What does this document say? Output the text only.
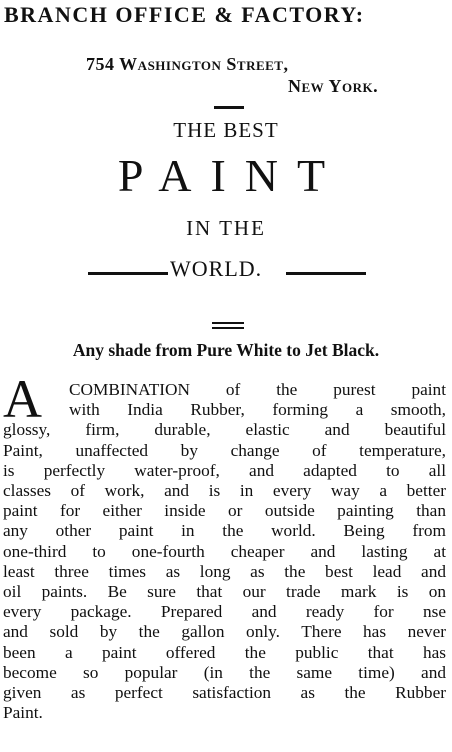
BRANCH OFFICE & FACTORY:
754 Washington Street,
New York.
THE BEST
PAINT
IN THE
WORLD.
Any shade from Pure White to Jet Black.
A	COMBINATION of the purest paint
with India Rubber, forming a smooth,
glossy, firm, durable, elastic and beautiful
Paint, unaffected by change of temperature,
is perfectly water-proof, and adapted to all
classes of work, and is in every way a better
paint for either inside or outside painting than
any other paint in the world. Being from
one-third to one-fourth cheaper and lasting at
least three times as long as the best lead and
oil paints. Be sure that our trade mark is on
every package. Prepared and ready for nse
and sold by the gallon only. There has never
been a paint offered the public that has
become so popular (in the same time) and
given as perfect satisfaction as the Rubber
Paint.
